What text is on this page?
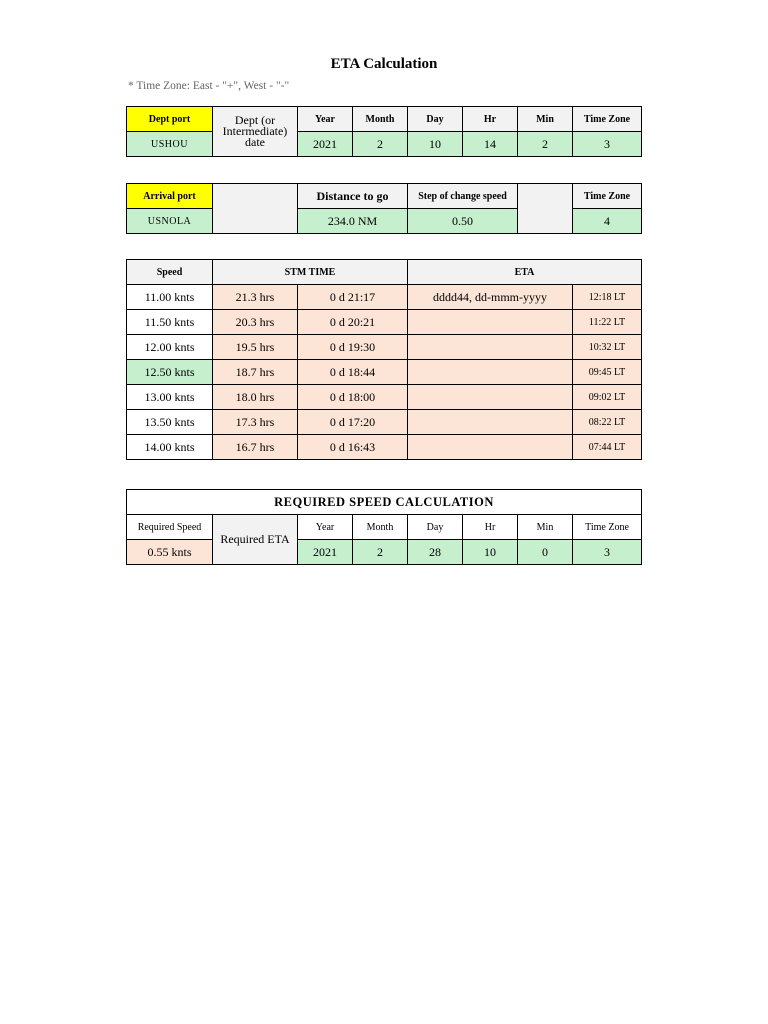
ETA Calculation
* Time Zone: East - "+", West - "-"
Dept port	Dept (or Intermediate) date	Year	Month	Day	Hr	Min	Time Zone
USHOU		2021	2	10	14	2	3
Arrival port		Distance to go	Step of change speed		Time Zone
USNOLA		234.0 NM	0.50		4
Speed	STM TIME		ETA	
11.00 knts	21.3 hrs	0 d 21:17	dddd44, dd-mmm-yyyy	12:18 LT
11.50 knts	20.3 hrs	0 d 20:21		11:22 LT
12.00 knts	19.5 hrs	0 d 19:30		10:32 LT
12.50 knts	18.7 hrs	0 d 18:44		09:45 LT
13.00 knts	18.0 hrs	0 d 18:00		09:02 LT
13.50 knts	17.3 hrs	0 d 17:20		08:22 LT
14.00 knts	16.7 hrs	0 d 16:43		07:44 LT
REQUIRED SPEED CALCULATION							
Required Speed	Required ETA	Year	Month	Day	Hr	Min	Time Zone
0.55 knts		2021	2	28	10	0	3
